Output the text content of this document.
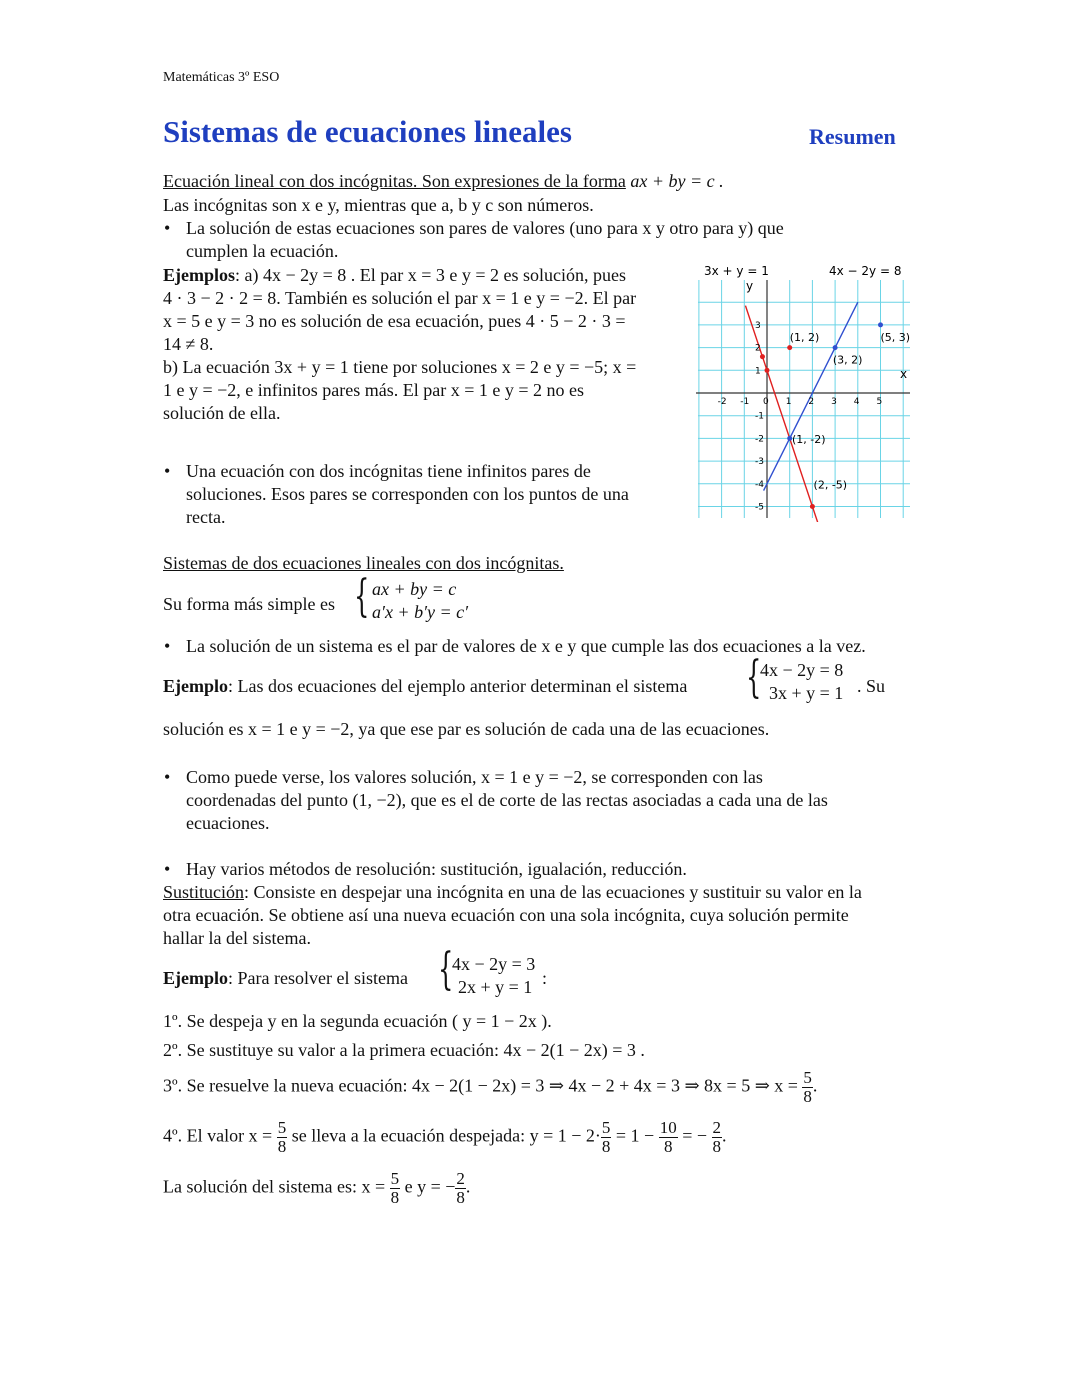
Matemáticas 3º ESO
Sistemas de ecuaciones lineales	Resumen
Ecuación lineal con dos incógnitas. Son expresiones de la forma ax + by = c .
Las incógnitas son x e y, mientras que a, b y c son números.
• La solución de estas ecuaciones son pares de valores (uno para x y otro para y) que
cumplen la ecuación.
Ejemplos: a) 4x − 2y = 8 . El par x = 3 e y = 2 es solución, pues
4 · 3 − 2 · 2 = 8. También es solución el par x = 1 e y = −2. El par
x = 5 e y = 3 no es solución de esa ecuación, pues 4 · 5 − 2 · 3 =
14 ≠ 8.
b) La ecuación 3x + y = 1 tiene por soluciones x = 2 e y = −5; x =
1 e y = −2, e infinitos pares más. El par x = 1 e y = 2 no es
solución de ella.
• Una ecuación con dos incógnitas tiene infinitos pares de
soluciones. Esos pares se corresponden con los puntos de una
recta.
3x + y = 1	4x − 2y = 8
y
x
-2 -1 0 1 2 3 4 5
3
2
1
-1
-2
-3
-4
-5
(1, 2)
(3, 2)
(5, 3)
(1, -2)
(2, -5)
Sistemas de dos ecuaciones lineales con dos incógnitas.
Su forma más simple es { ax + by = c
a′x + b′y = c′
• La solución de un sistema es el par de valores de x e y que cumple las dos ecuaciones a la vez.
Ejemplo: Las dos ecuaciones del ejemplo anterior determinan el sistema {
4x − 2y = 8
3x + y = 1 . Su
solución es x = 1 e y = −2, ya que ese par es solución de cada una de las ecuaciones.
• Como puede verse, los valores solución, x = 1 e y = −2, se corresponden con las
coordenadas del punto (1, −2), que es el de corte de las rectas asociadas a cada una de las
ecuaciones.
• Hay varios métodos de resolución: sustitución, igualación, reducción.
Sustitución: Consiste en despejar una incógnita en una de las ecuaciones y sustituir su valor en la
otra ecuación. Se obtiene así una nueva ecuación con una sola incógnita, cuya solución permite
hallar la del sistema.
Ejemplo: Para resolver el sistema {
4x − 2y = 3
2x + y = 1 :
1º. Se despeja y en la segunda ecuación ( y = 1 − 2x ).
2º. Se sustituye su valor a la primera ecuación: 4x − 2(1 − 2x) = 3 .
3º. Se resuelve la nueva ecuación: 4x − 2(1 − 2x) = 3 ⇒ 4x − 2 + 4x = 3 ⇒ 8x = 5 ⇒ $x = \frac{5}{8}$ .
4º. El valor $x = \frac{5}{8}$ se lleva a la ecuación despejada: $y = 1 - 2\cdot \frac{5}{8} = 1 - \frac{10}{8}$ = − $\frac{2}{8}$ .
La solución del sistema es: $x = \frac{5}{8}$ e y = − $\frac{2}{8}$ .
